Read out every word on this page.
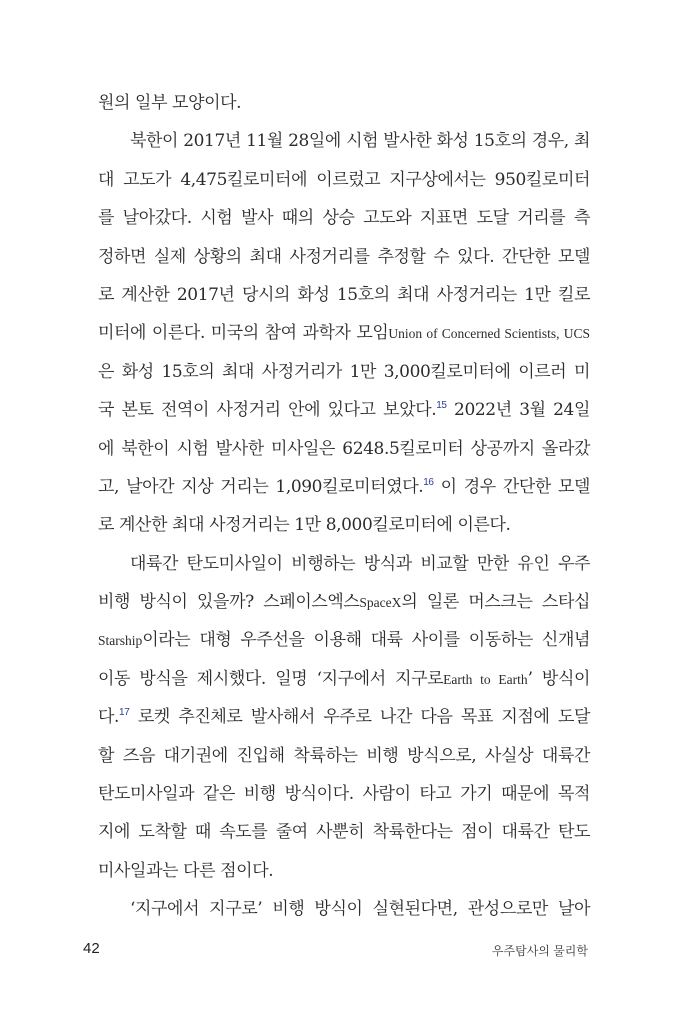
원의 일부 모양이다.
북한이 2017년 11월 28일에 시험 발사한 화성 15호의 경우, 최
대 고도가 4,475킬로미터에 이르렀고 지구상에서는 950킬로미터
를 날아갔다. 시험 발사 때의 상승 고도와 지표면 도달 거리를 측
정하면 실제 상황의 최대 사정거리를 추정할 수 있다. 간단한 모델
로 계산한 2017년 당시의 화성 15호의 최대 사정거리는 1만 킬로
미터에 이른다. 미국의 참여 과학자 모임Union of Concerned Scientists, UCS
은 화성 15호의 최대 사정거리가 1만 3,000킬로미터에 이르러 미
국 본토 전역이 사정거리 안에 있다고 보았다.$^{15}$ 2022년 3월 24일
에 북한이 시험 발사한 미사일은 6248.5킬로미터 상공까지 올라갔
고, 날아간 지상 거리는 1,090킬로미터였다.$^{16}$ 이 경우 간단한 모델
로 계산한 최대 사정거리는 1만 8,000킬로미터에 이른다.
대륙간 탄도미사일이 비행하는 방식과 비교할 만한 유인 우주
비행 방식이 있을까? 스페이스엑스SpaceX의 일론 머스크는 스타십
Starship이라는 대형 우주선을 이용해 대륙 사이를 이동하는 신개념
이동 방식을 제시했다. 일명 ‘지구에서 지구로Earth to Earth’ 방식이
다.$^{17}$ 로켓 추진체로 발사해서 우주로 나간 다음 목표 지점에 도달
할 즈음 대기권에 진입해 착륙하는 비행 방식으로, 사실상 대륙간
탄도미사일과 같은 비행 방식이다. 사람이 타고 가기 때문에 목적
지에 도착할 때 속도를 줄여 사뿐히 착륙한다는 점이 대륙간 탄도
미사일과는 다른 점이다.
‘지구에서 지구로’ 비행 방식이 실현된다면, 관성으로만 날아
42	우주탐사의 물리학
